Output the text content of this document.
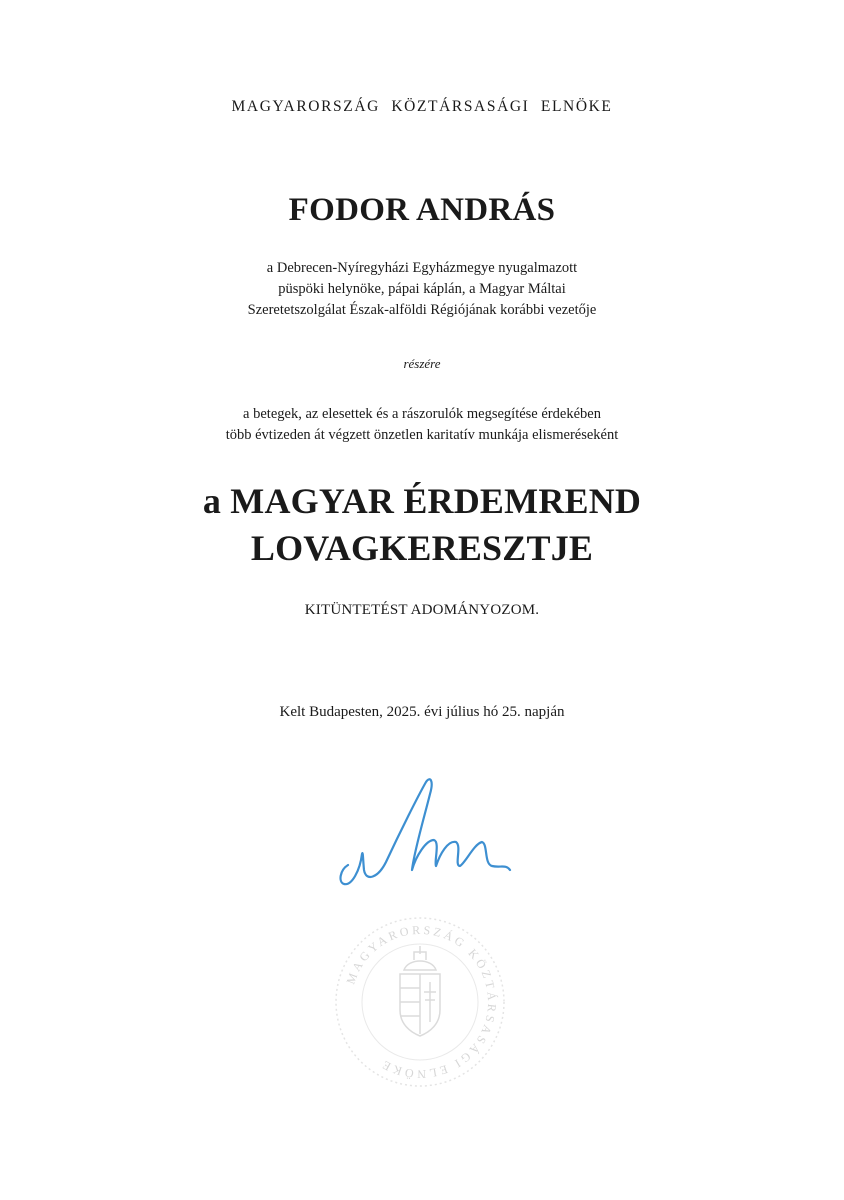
MAGYARORSZÁG KÖZTÁRSASÁGI ELNÖKE
FODOR ANDRÁS
a Debrecen-Nyíregyházi Egyházmegye nyugalmazott
püspöki helynöke, pápai káplán, a Magyar Máltai
Szeretetszolgálat Észak-alföldi Régiójának korábbi vezetője
részére
a betegek, az elesettek és a rászorulók megsegítése érdekében
több évtizeden át végzett önzetlen karitatív munkája elismeréseként
a MAGYAR ÉRDEMREND
LOVAGKERESZTJE
KITÜNTETÉST ADOMÁNYOZOM.
Kelt Budapesten, 2025. évi július hó 25. napján
MAGYARORSZÁG KÖZTÁRSASÁGI ELNÖKE
